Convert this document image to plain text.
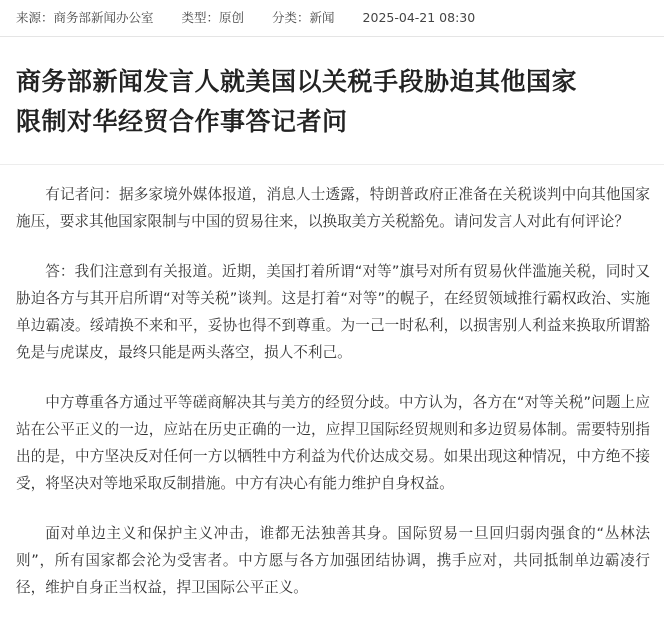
来源：商务部新闻办公室 类型：原创 分类：新闻 2025-04-21 08:30
商务部新闻发言人就美国以关税手段胁迫其他国家
限制对华经贸合作事答记者问

有记者问：据多家境外媒体报道，消息人士透露，特朗普政府正准备在关税谈判中向其他国家施压，要求其他国家限制与中国的贸易往来，以换取美方关税豁免。请问发言人对此有何评论？

答：我们注意到有关报道。近期，美国打着所谓“对等”旗号对所有贸易伙伴滥施关税，同时又胁迫各方与其开启所谓“对等关税”谈判。这是打着“对等”的幌子，在经贸领域推行霸权政治、实施单边霸凌。绥靖换不来和平，妥协也得不到尊重。为一己一时私利，以损害别人利益来换取所谓豁免是与虎谋皮，最终只能是两头落空，损人不利己。

中方尊重各方通过平等磋商解决其与美方的经贸分歧。中方认为，各方在“对等关税”问题上应站在公平正义的一边，应站在历史正确的一边，应捍卫国际经贸规则和多边贸易体制。需要特别指出的是，中方坚决反对任何一方以牺牲中方利益为代价达成交易。如果出现这种情况，中方绝不接受，将坚决对等地采取反制措施。中方有决心有能力维护自身权益。

面对单边主义和保护主义冲击，谁都无法独善其身。国际贸易一旦回归弱肉强食的“丛林法则”，所有国家都会沦为受害者。中方愿与各方加强团结协调，携手应对，共同抵制单边霸凌行径，维护自身正当权益，捍卫国际公平正义。
